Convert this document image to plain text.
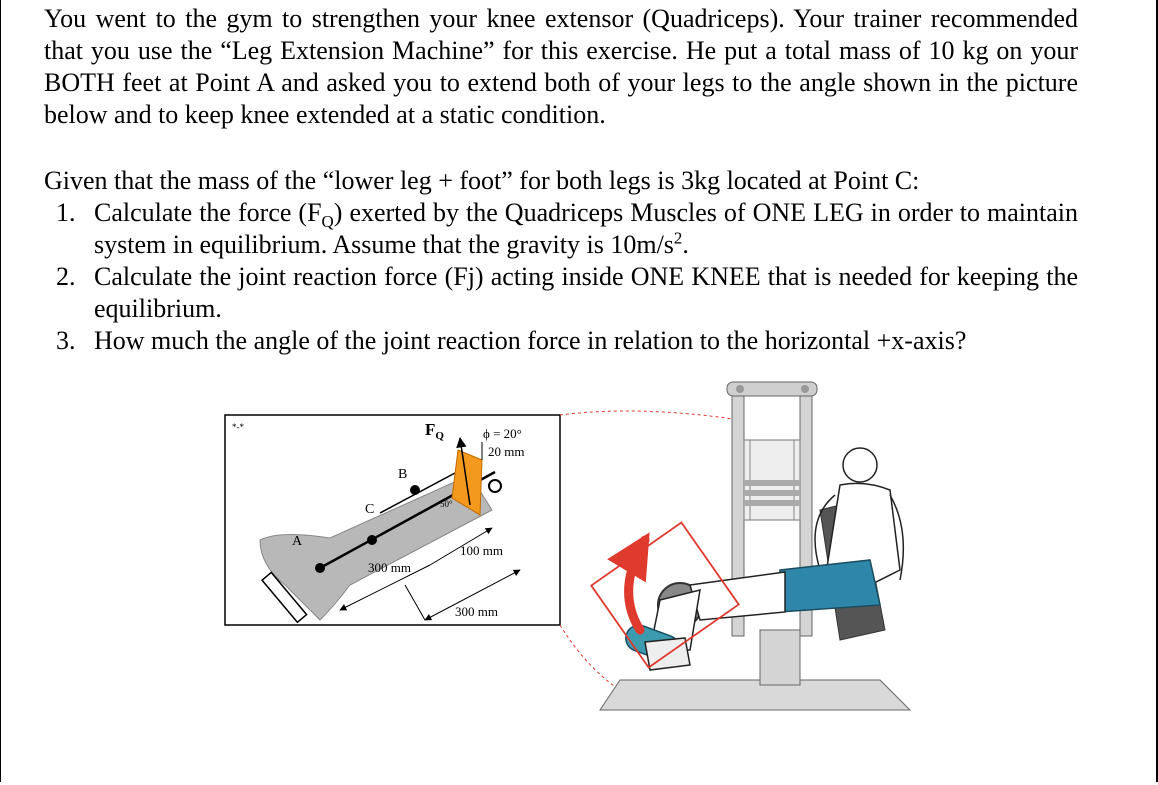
You went to the gym to strengthen your knee extensor (Quadriceps). Your trainer recommended that you use the “Leg Extension Machine” for this exercise. He put a total mass of 10 kg on your BOTH feet at Point A and asked you to extend both of your legs to the angle shown in the picture below and to keep knee extended at a static condition.

Given that the mass of the “lower leg + foot” for both legs is 3kg located at Point C:

1. Calculate the force $(F_Q)$ exerted by the Quadriceps Muscles of ONE LEG in order to maintain system in equilibrium. Assume that the gravity is $10m/s^2$.
2. Calculate the joint reaction force (Fj) acting inside ONE KNEE that is needed for keeping the equilibrium.
3. How much the angle of the joint reaction force in relation to the horizontal +x-axis?
*-*
A
C
B
50°
$F_Q$	ϕ = 20°
20 mm
100 mm
300 mm
300 mm
